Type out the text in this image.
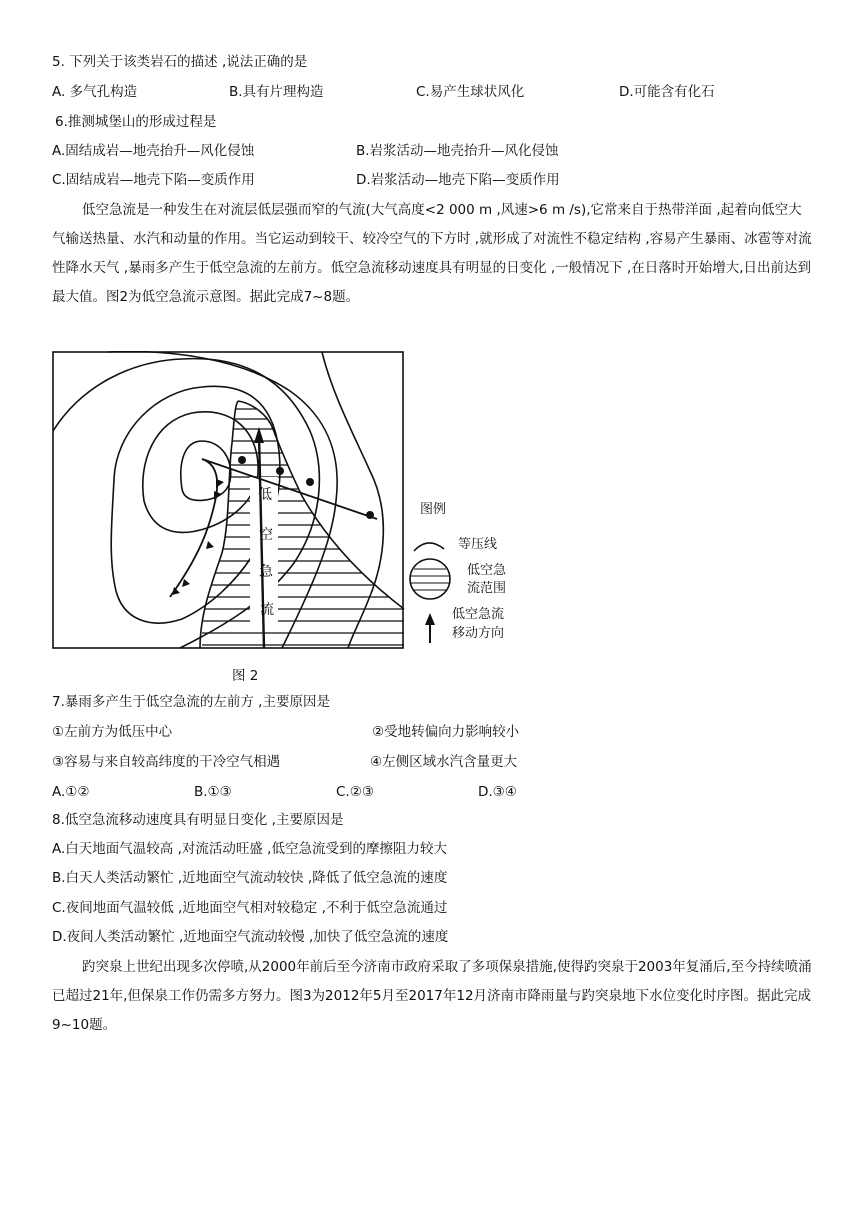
5. 下列关于该类岩石的描述 ,说法正确的是
A. 多气孔构造	B.具有片理构造	C.易产生球状风化	D.可能含有化石
6.推测城堡山的形成过程是
A.固结成岩—地壳抬升—风化侵蚀	B.岩浆活动—地壳抬升—风化侵蚀
C.固结成岩—地壳下陷—变质作用	D.岩浆活动—地壳下陷—变质作用
低空急流是一种发生在对流层低层强而窄的气流(大气高度<2 000 m ,风速>6 m /s),它常来自于热带洋面 ,起着向低空大气输送热量、水汽和动量的作用。当它运动到较干、较冷空气的下方时 ,就形成了对流性不稳定结构 ,容易产生暴雨、冰雹等对流性降水天气 ,暴雨多产生于低空急流的左前方。低空急流移动速度具有明显的日变化 ,一般情况下 ,在日落时开始增大,日出前达到最大值。图2为低空急流示意图。据此完成7~8题。
低
空
急
流
图例
等压线
低空急
流范围
低空急流
移动方向
图 2
7.暴雨多产生于低空急流的左前方 ,主要原因是
①左前方为低压中心	②受地转偏向力影响较小
③容易与来自较高纬度的干冷空气相遇	④左侧区域水汽含量更大
A.①②	B.①③	C.②③	D.③④
8.低空急流移动速度具有明显日变化 ,主要原因是
A.白天地面气温较高 ,对流活动旺盛 ,低空急流受到的摩擦阻力较大
B.白天人类活动繁忙 ,近地面空气流动较快 ,降低了低空急流的速度
C.夜间地面气温较低 ,近地面空气相对较稳定 ,不利于低空急流通过
D.夜间人类活动繁忙 ,近地面空气流动较慢 ,加快了低空急流的速度
趵突泉上世纪出现多次停喷,从2000年前后至今济南市政府采取了多项保泉措施,使得趵突泉于2003年复涌后,至今持续喷涌已超过21年,但保泉工作仍需多方努力。图3为2012年5月至2017年12月济南市降雨量与趵突泉地下水位变化时序图。据此完成9~10题。
